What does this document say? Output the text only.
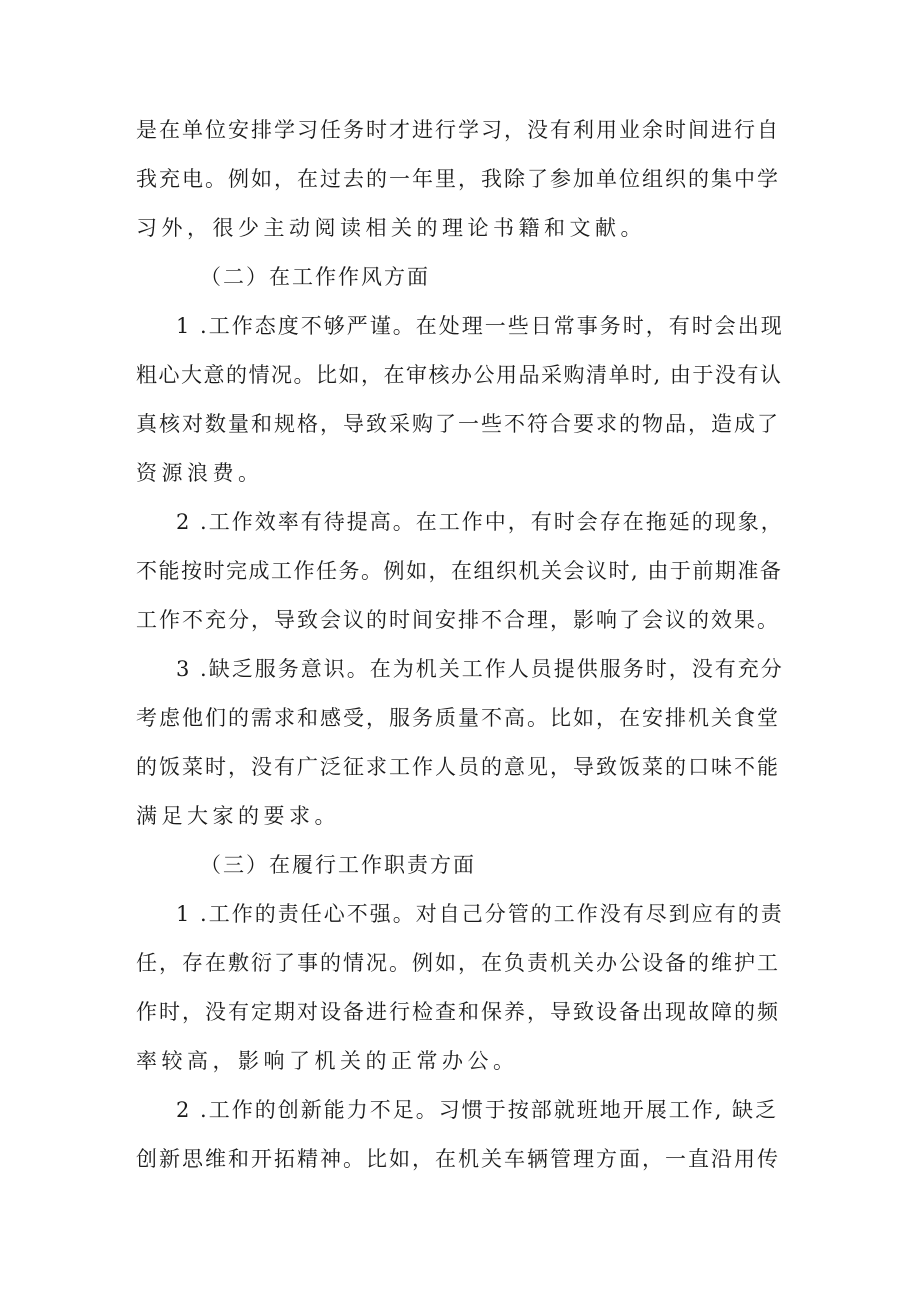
是在单位安排学习任务时才进行学习，没有利用业余时间进行自
我充电。例如，在过去的一年里，我除了参加单位组织的集中学
习外，很少主动阅读相关的理论书籍和文献。
（二）在工作作风方面
1 .工作态度不够严谨。在处理一些日常事务时，有时会出现
粗心大意的情况。比如，在审核办公用品采购清单时, 由于没有认
真核对数量和规格，导致采购了一些不符合要求的物品，造成了
资源浪费。
2 .工作效率有待提高。在工作中，有时会存在拖延的现象，
不能按时完成工作任务。例如，在组织机关会议时, 由于前期准备
工作不充分，导致会议的时间安排不合理，影响了会议的效果。
3 .缺乏服务意识。在为机关工作人员提供服务时，没有充分
考虑他们的需求和感受，服务质量不高。比如，在安排机关食堂
的饭菜时，没有广泛征求工作人员的意见，导致饭菜的口味不能
满足大家的要求。
（三）在履行工作职责方面
1 .工作的责任心不强。对自己分管的工作没有尽到应有的责
任，存在敷衍了事的情况。例如，在负责机关办公设备的维护工
作时，没有定期对设备进行检查和保养，导致设备出现故障的频
率较高，影响了机关的正常办公。
2 .工作的创新能力不足。习惯于按部就班地开展工作, 缺乏
创新思维和开拓精神。比如，在机关车辆管理方面，一直沿用传
